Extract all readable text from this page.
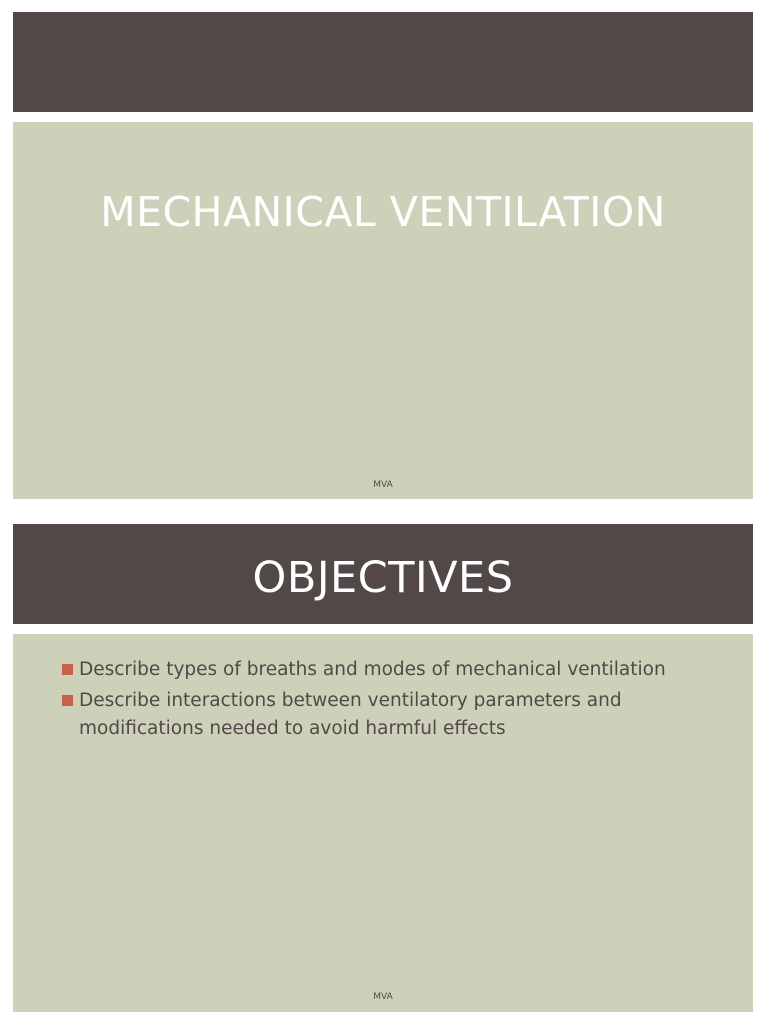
MECHANICAL VENTILATION
MVA
OBJECTIVES
Describe types of breaths and modes of mechanical ventilation
Describe interactions between ventilatory parameters and modifications needed to avoid harmful effects
MVA
